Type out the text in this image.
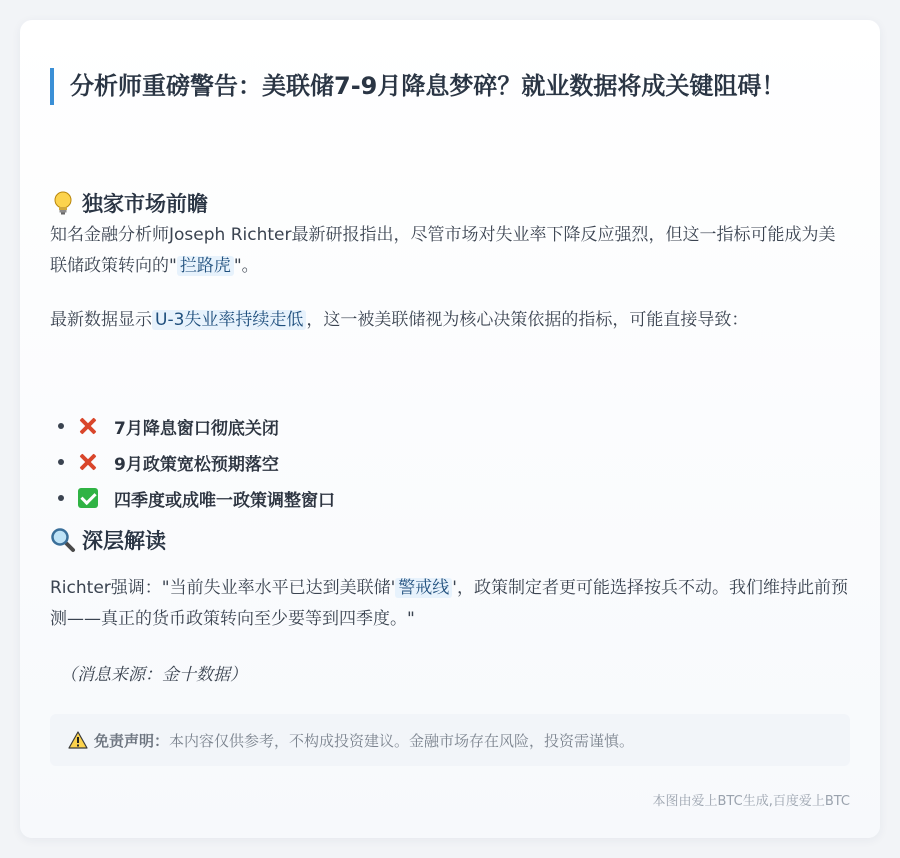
分析师重磅警告：美联储7-9月降息梦碎？就业数据将成关键阻碍！
独家市场前瞻
知名金融分析师Joseph Richter最新研报指出，尽管市场对失业率下降反应强烈，但这一指标可能成为美联储政策转向的" 拦路虎 "。
最新数据显示 U-3失业率持续走低 ，这一被美联储视为核心决策依据的指标，可能直接导致：
7月降息窗口彻底关闭
9月政策宽松预期落空
四季度或成唯一政策调整窗口
深层解读
Richter强调："当前失业率水平已达到美联储' 警戒线 '，政策制定者更可能选择按兵不动。我们维持此前预测——真正的货币政策转向至少要等到四季度。"
（消息来源：金十数据）
免责声明： 本内容仅供参考，不构成投资建议。金融市场存在风险，投资需谨慎。
本图由爱上BTC生成,百度爱上BTC
